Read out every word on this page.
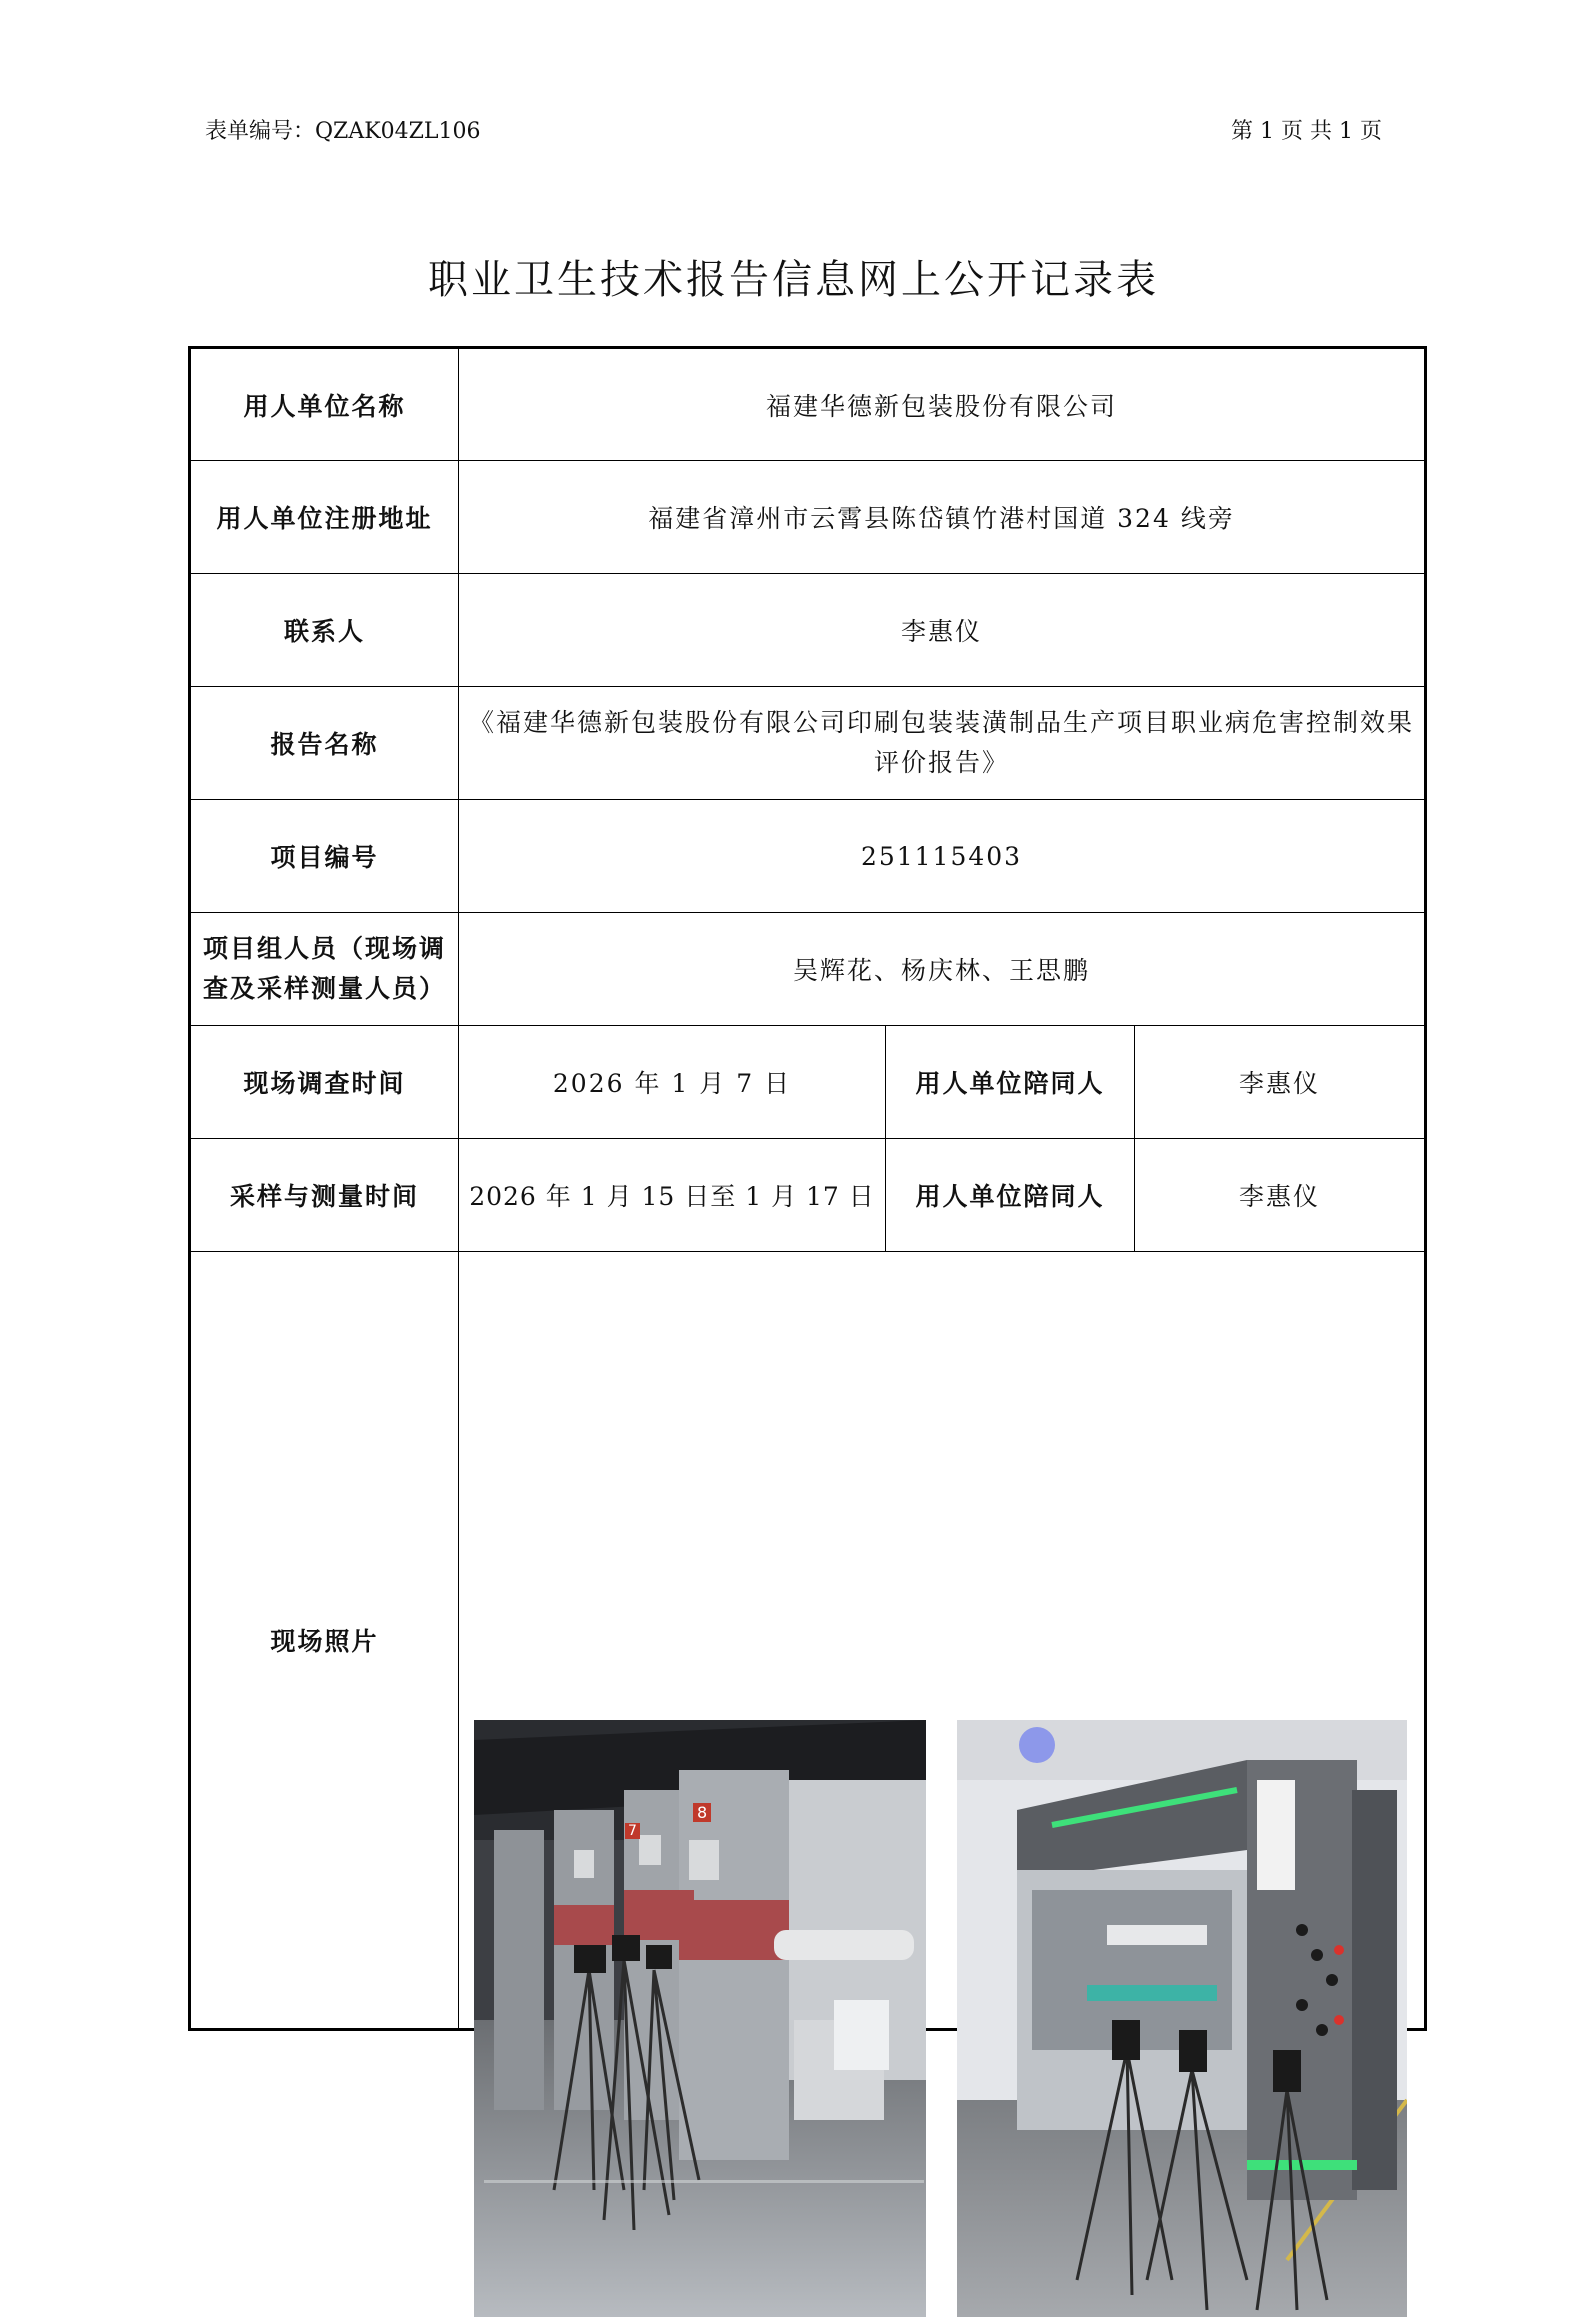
表单编号：QZAK04ZL106	第 1 页 共 1 页
职业卫生技术报告信息网上公开记录表
用人单位名称	福建华德新包装股份有限公司		
用人单位注册地址	福建省漳州市云霄县陈岱镇竹港村国道 324 线旁		
联系人	李惠仪		
报告名称	《福建华德新包装股份有限公司印刷包装装潢制品生产项目职业病危害控制效果评价报告》		
项目编号	251115403		
项目组人员（现场调查及采样测量人员）	吴辉花、杨庆林、王思鹏		
现场调查时间	2026 年 1 月 7 日	用人单位陪同人	李惠仪
采样与测量时间	2026 年 1 月 15 日至 1 月 17 日	用人单位陪同人	李惠仪
现场照片	7
8		
